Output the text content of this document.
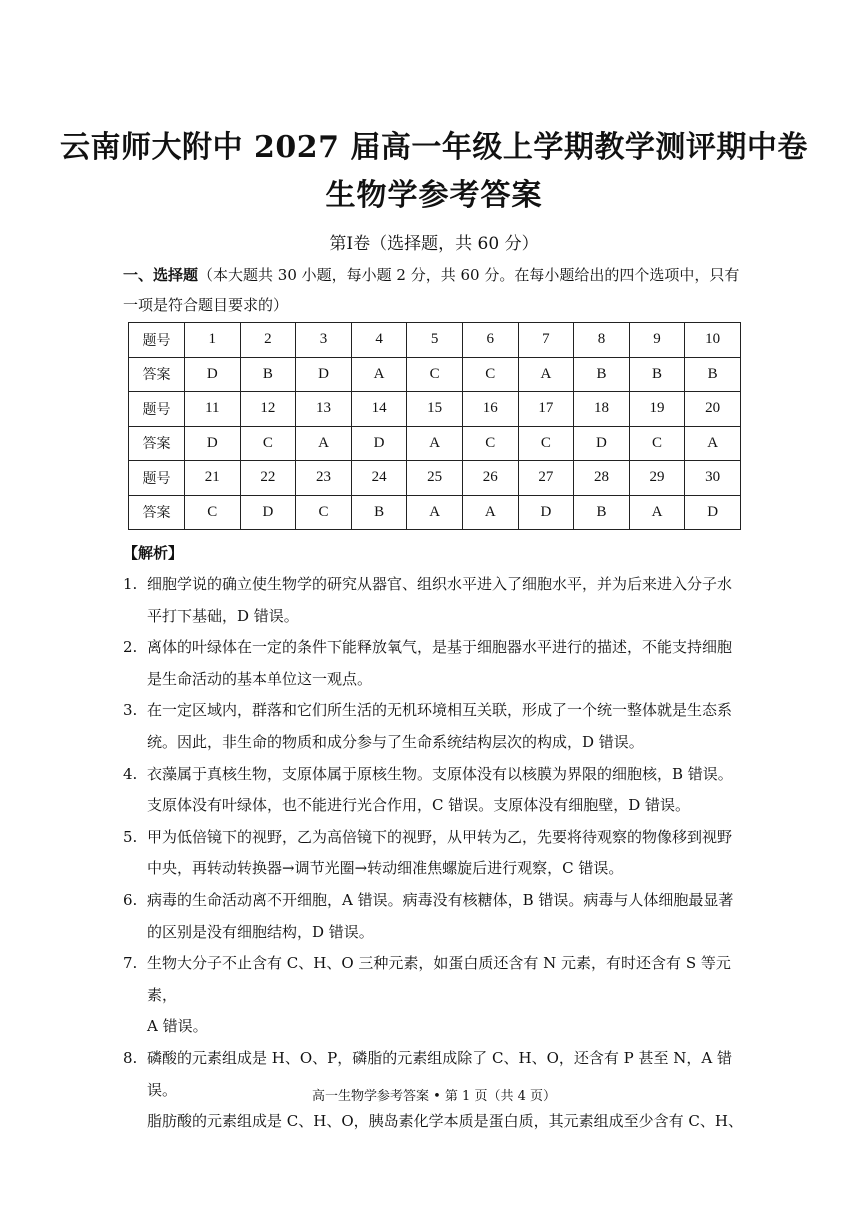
云南师大附中 2027 届高一年级上学期教学测评期中卷
生物学参考答案
第Ⅰ卷（选择题，共 60 分）
一、选择题（本大题共 30 小题，每小题 2 分，共 60 分。在每小题给出的四个选项中，只有一项是符合题目要求的）
题号	1	2	3	4	5	6	7	8	9	10
答案	D	B	D	A	C	C	A	B	B	B
题号	11	12	13	14	15	16	17	18	19	20
答案	D	C	A	D	A	C	C	D	C	A
题号	21	22	23	24	25	26	27	28	29	30
答案	C	D	C	B	A	A	D	B	A	D
【解析】
1. 细胞学说的确立使生物学的研究从器官、组织水平进入了细胞水平，并为后来进入分子水
平打下基础，D 错误。
2. 离体的叶绿体在一定的条件下能释放氧气，是基于细胞器水平进行的描述，不能支持细胞
是生命活动的基本单位这一观点。
3. 在一定区域内，群落和它们所生活的无机环境相互关联，形成了一个统一整体就是生态系
统。因此，非生命的物质和成分参与了生命系统结构层次的构成，D 错误。
4. 衣藻属于真核生物，支原体属于原核生物。支原体没有以核膜为界限的细胞核，B 错误。
支原体没有叶绿体，也不能进行光合作用，C 错误。支原体没有细胞壁，D 错误。
5. 甲为低倍镜下的视野，乙为高倍镜下的视野，从甲转为乙，先要将待观察的物像移到视野
中央，再转动转换器→调节光圈→转动细准焦螺旋后进行观察，C 错误。
6. 病毒的生命活动离不开细胞，A 错误。病毒没有核糖体，B 错误。病毒与人体细胞最显著
的区别是没有细胞结构，D 错误。
7. 生物大分子不止含有 C、H、O 三种元素，如蛋白质还含有 N 元素，有时还含有 S 等元素，
A 错误。
8. 磷酸的元素组成是 H、O、P，磷脂的元素组成除了 C、H、O，还含有 P 甚至 N，A 错误。
脂肪酸的元素组成是 C、H、O，胰岛素化学本质是蛋白质，其元素组成至少含有 C、H、
高一生物学参考答案 • 第 1 页（共 4 页）
